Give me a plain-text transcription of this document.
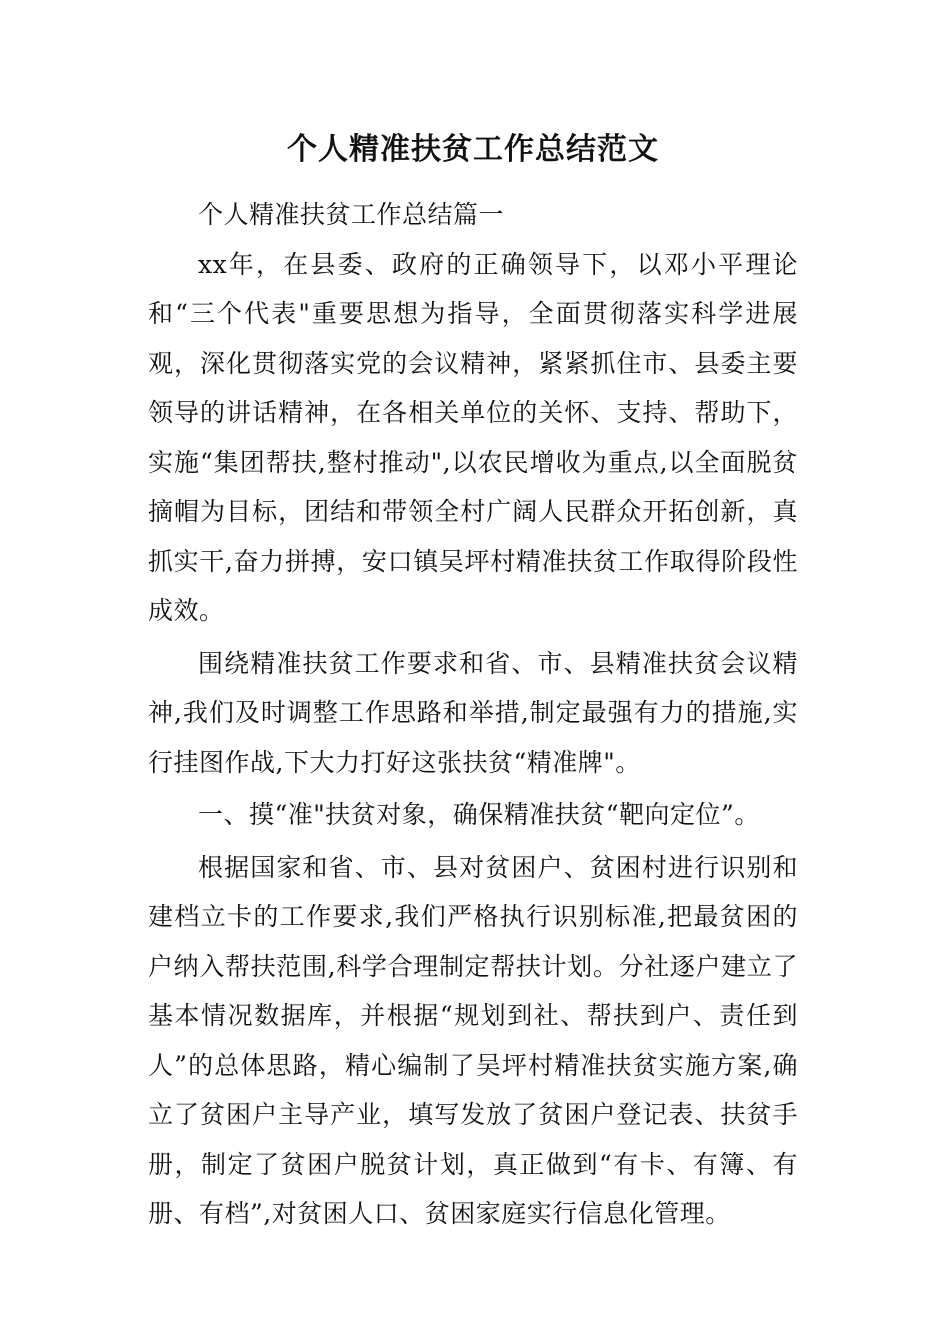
个人精准扶贫工作总结范文

个人精准扶贫工作总结篇一

xx年，在县委、政府的正确领导下，以邓小平理论和“三个代表"重要思想为指导，全面贯彻落实科学进展观，深化贯彻落实党的会议精神，紧紧抓住市、县委主要领导的讲话精神，在各相关单位的关怀、支持、帮助下，实施“集团帮扶,整村推动",以农民增收为重点,以全面脱贫摘帽为目标，团结和带领全村广阔人民群众开拓创新，真抓实干,奋力拼搏，安口镇吴坪村精准扶贫工作取得阶段性成效。

围绕精准扶贫工作要求和省、市、县精准扶贫会议精神,我们及时调整工作思路和举措,制定最强有力的措施,实行挂图作战,下大力打好这张扶贫“精准牌"。

一、摸“准"扶贫对象，确保精准扶贫“靶向定位”。

根据国家和省、市、县对贫困户、贫困村进行识别和建档立卡的工作要求,我们严格执行识别标准,把最贫困的户纳入帮扶范围,科学合理制定帮扶计划。分社逐户建立了基本情况数据库，并根据“规划到社、帮扶到户、责任到人”的总体思路，精心编制了吴坪村精准扶贫实施方案,确立了贫困户主导产业，填写发放了贫困户登记表、扶贫手册，制定了贫困户脱贫计划，真正做到“有卡、有簿、有册、有档”,对贫困人口、贫困家庭实行信息化管理。
